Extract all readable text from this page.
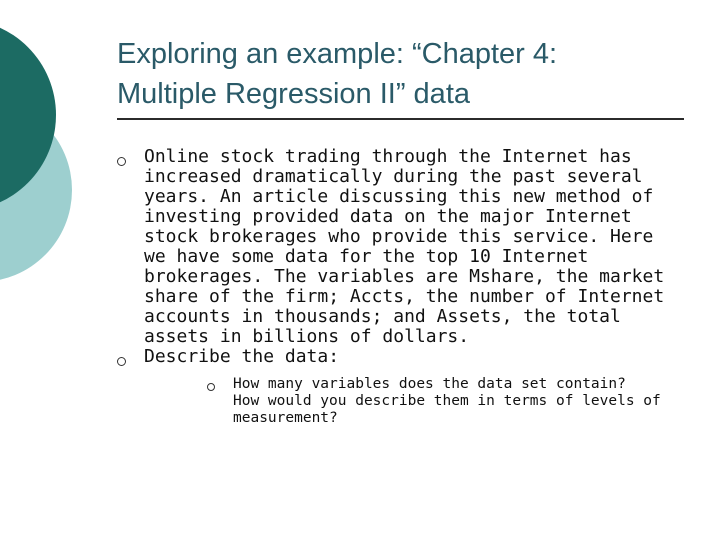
Exploring an example: “Chapter 4:
Multiple Regression II” data
Online stock trading through the Internet has
increased dramatically during the past several
years. An article discussing this new method of
investing provided data on the major Internet
stock brokerages who provide this service. Here
we have some data for the top 10 Internet
brokerages. The variables are Mshare, the market
share of the firm; Accts, the number of Internet
accounts in thousands; and Assets, the total
assets in billions of dollars.
Describe the data:
How many variables does the data set contain?
How would you describe them in terms of levels of
measurement?
